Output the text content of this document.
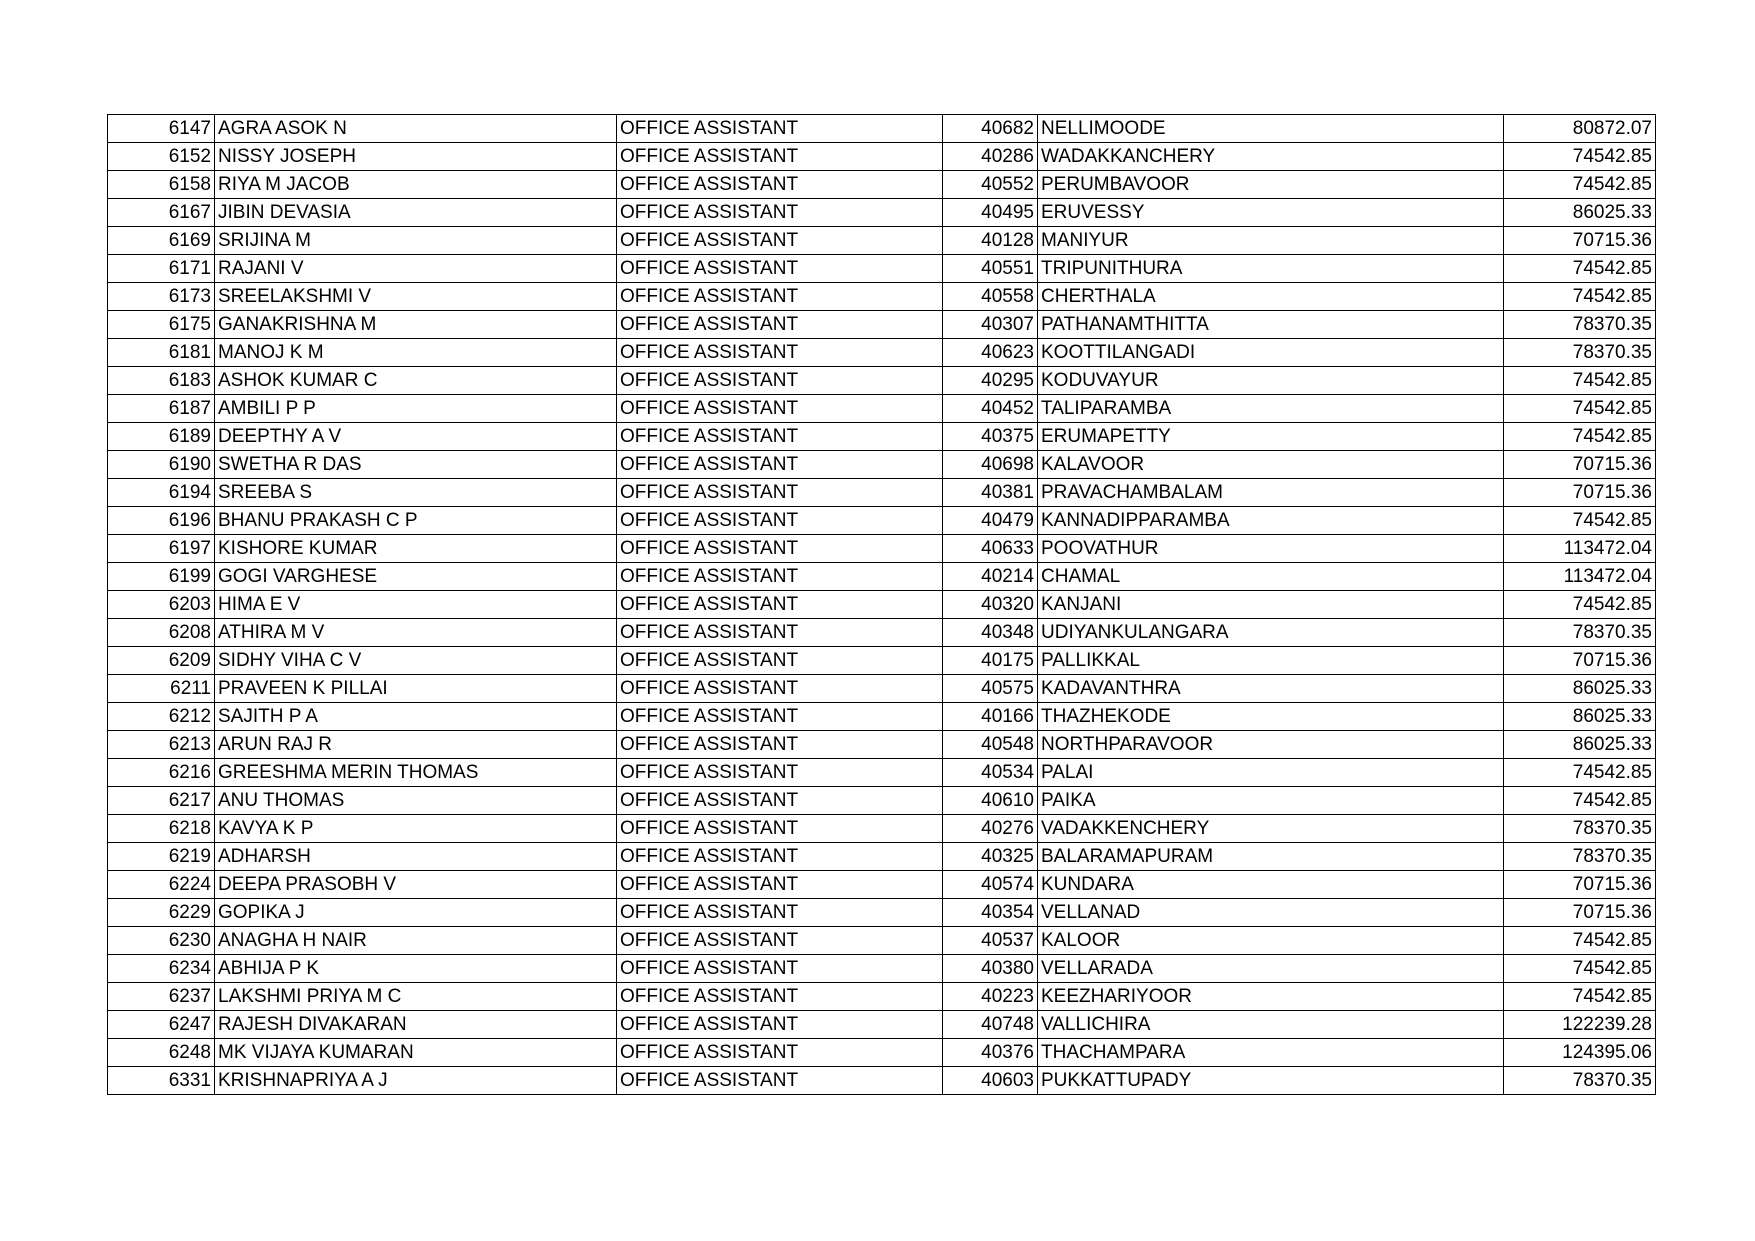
6147	AGRA ASOK N	OFFICE ASSISTANT	40682	NELLIMOODE	80872.07
6152	NISSY JOSEPH	OFFICE ASSISTANT	40286	WADAKKANCHERY	74542.85
6158	RIYA M JACOB	OFFICE ASSISTANT	40552	PERUMBAVOOR	74542.85
6167	JIBIN DEVASIA	OFFICE ASSISTANT	40495	ERUVESSY	86025.33
6169	SRIJINA M	OFFICE ASSISTANT	40128	MANIYUR	70715.36
6171	RAJANI V	OFFICE ASSISTANT	40551	TRIPUNITHURA	74542.85
6173	SREELAKSHMI V	OFFICE ASSISTANT	40558	CHERTHALA	74542.85
6175	GANAKRISHNA M	OFFICE ASSISTANT	40307	PATHANAMTHITTA	78370.35
6181	MANOJ K M	OFFICE ASSISTANT	40623	KOOTTILANGADI	78370.35
6183	ASHOK KUMAR C	OFFICE ASSISTANT	40295	KODUVAYUR	74542.85
6187	AMBILI P P	OFFICE ASSISTANT	40452	TALIPARAMBA	74542.85
6189	DEEPTHY A V	OFFICE ASSISTANT	40375	ERUMAPETTY	74542.85
6190	SWETHA R DAS	OFFICE ASSISTANT	40698	KALAVOOR	70715.36
6194	SREEBA S	OFFICE ASSISTANT	40381	PRAVACHAMBALAM	70715.36
6196	BHANU PRAKASH C P	OFFICE ASSISTANT	40479	KANNADIPPARAMBA	74542.85
6197	KISHORE KUMAR	OFFICE ASSISTANT	40633	POOVATHUR	113472.04
6199	GOGI VARGHESE	OFFICE ASSISTANT	40214	CHAMAL	113472.04
6203	HIMA E V	OFFICE ASSISTANT	40320	KANJANI	74542.85
6208	ATHIRA M V	OFFICE ASSISTANT	40348	UDIYANKULANGARA	78370.35
6209	SIDHY VIHA C V	OFFICE ASSISTANT	40175	PALLIKKAL	70715.36
6211	PRAVEEN K PILLAI	OFFICE ASSISTANT	40575	KADAVANTHRA	86025.33
6212	SAJITH P A	OFFICE ASSISTANT	40166	THAZHEKODE	86025.33
6213	ARUN RAJ R	OFFICE ASSISTANT	40548	NORTHPARAVOOR	86025.33
6216	GREESHMA MERIN THOMAS	OFFICE ASSISTANT	40534	PALAI	74542.85
6217	ANU THOMAS	OFFICE ASSISTANT	40610	PAIKA	74542.85
6218	KAVYA K P	OFFICE ASSISTANT	40276	VADAKKENCHERY	78370.35
6219	ADHARSH	OFFICE ASSISTANT	40325	BALARAMAPURAM	78370.35
6224	DEEPA PRASOBH V	OFFICE ASSISTANT	40574	KUNDARA	70715.36
6229	GOPIKA J	OFFICE ASSISTANT	40354	VELLANAD	70715.36
6230	ANAGHA H NAIR	OFFICE ASSISTANT	40537	KALOOR	74542.85
6234	ABHIJA P K	OFFICE ASSISTANT	40380	VELLARADA	74542.85
6237	LAKSHMI PRIYA M C	OFFICE ASSISTANT	40223	KEEZHARIYOOR	74542.85
6247	RAJESH DIVAKARAN	OFFICE ASSISTANT	40748	VALLICHIRA	122239.28
6248	MK VIJAYA KUMARAN	OFFICE ASSISTANT	40376	THACHAMPARA	124395.06
6331	KRISHNAPRIYA A J	OFFICE ASSISTANT	40603	PUKKATTUPADY	78370.35
